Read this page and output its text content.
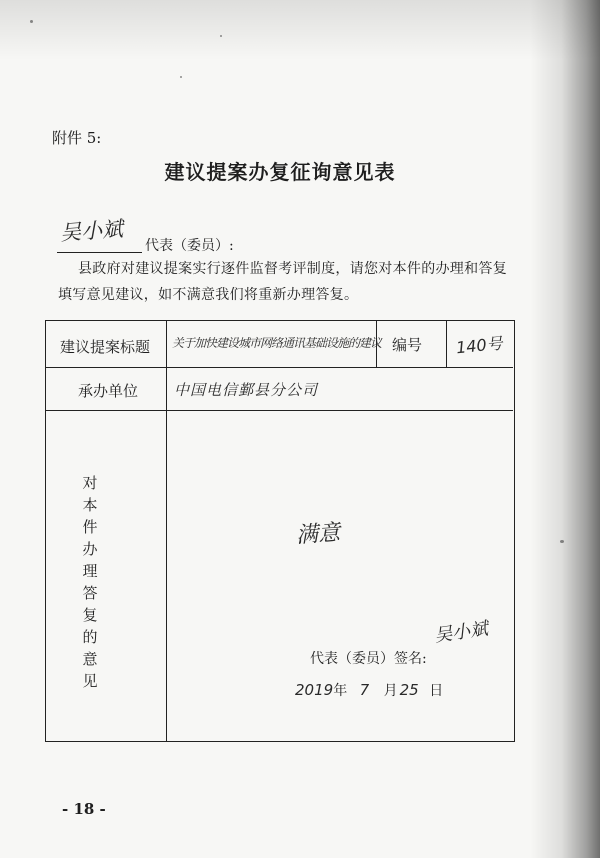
附件 5:
建议提案办复征询意见表
吴小斌
代表（委员）:
县政府对建议提案实行逐件监督考评制度，请您对本件的办理和答复
填写意见建议，如不满意我们将重新办理答复。
建议提案标题 关于加快建设城市网络通讯基础设施的建议 编号 140号
承办单位 中国电信鄞县分公司
满意
吴小斌
对
本
件
办
理
答
复
的
意
见
代表（委员）签名:
2019年 7 月 25 日
- 18 -
